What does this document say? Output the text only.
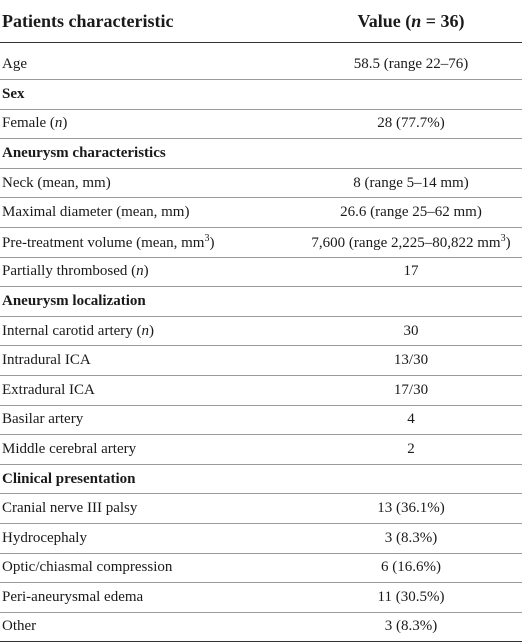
Patients characteristic	Value (n = 36)
Age	58.5 (range 22–76)
Sex	
Female (n)	28 (77.7%)
Aneurysm characteristics	
Neck (mean, mm)	8 (range 5–14 mm)
Maximal diameter (mean, mm)	26.6 (range 25–62 mm)
Pre-treatment volume (mean, $mm^3$)	7,600 (range 2,225–80,822 $mm^3$)
Partially thrombosed (n)	17
Aneurysm localization	
Internal carotid artery (n)	30
Intradural ICA	13/30
Extradural ICA	17/30
Basilar artery	4
Middle cerebral artery	2
Clinical presentation	
Cranial nerve III palsy	13 (36.1%)
Hydrocephaly	3 (8.3%)
Optic/chiasmal compression	6 (16.6%)
Peri-aneurysmal edema	11 (30.5%)
Other	3 (8.3%)
